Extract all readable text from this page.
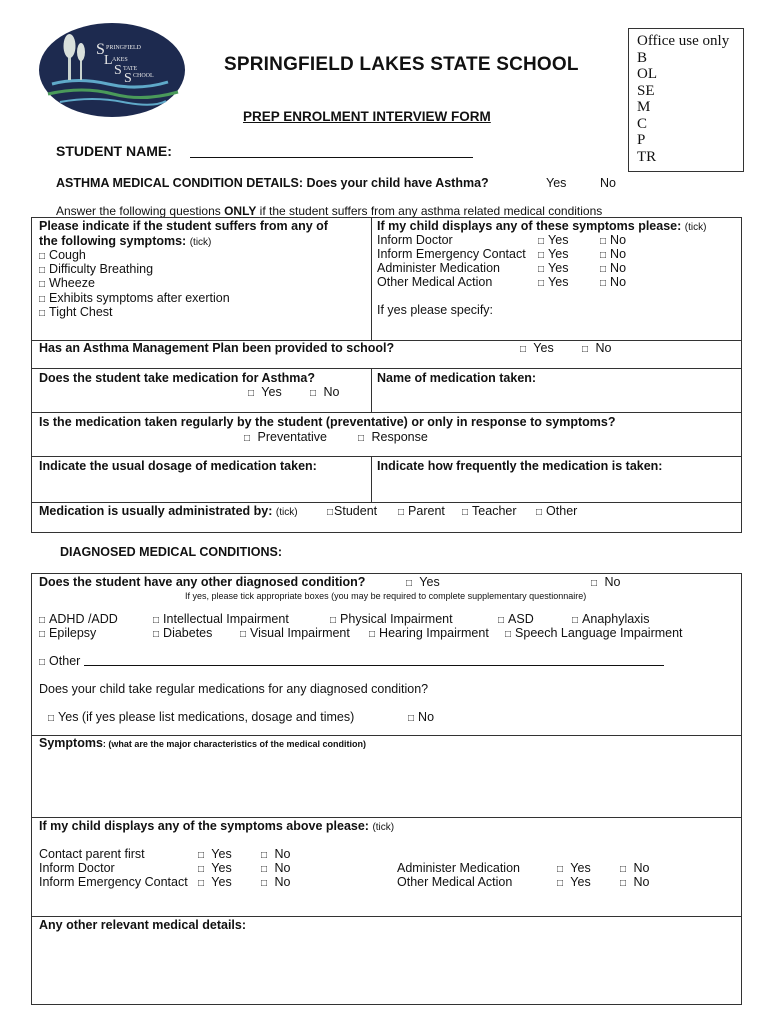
S PRINGFIELD
L AKES
S TATE
S CHOOL
SPRINGFIELD LAKES STATE SCHOOL
PREP ENROLMENT INTERVIEW FORM
Office use only
B
OL
SE
M
C
P
TR
STUDENT NAME:
ASTHMA MEDICAL CONDITION DETAILS: Does your child have Asthma?	Yes	No
Answer the following questions ONLY if the student suffers from any asthma related medical conditions
Please indicate if the student suffers from any of
the following symptoms: (tick)
□ Cough
□ Difficulty Breathing
□ Wheeze
□ Exhibits symptoms after exertion
□ Tight Chest
If my child displays any of these symptoms please: (tick)
Inform Doctor	□ Yes	□ No
Inform Emergency Contact □ Yes	□ No
Administer Medication	□ Yes	□ No
Other Medical Action	□ Yes	□ No
If yes please specify:
Has an Asthma Management Plan been provided to school?	□ Yes	□ No
Does the student take medication for Asthma?
□ Yes	□ No
Name of medication taken:
Is the medication taken regularly by the student (preventative) or only in response to symptoms?
□ Preventative	□ Response
Indicate the usual dosage of medication taken:	Indicate how frequently the medication is taken:
Medication is usually administrated by: (tick)	□Student □ Parent □ Teacher □ Other
DIAGNOSED MEDICAL CONDITIONS:
Does the student have any other diagnosed condition?	□ Yes	□ No
If yes, please tick appropriate boxes (you may be required to complete supplementary questionnaire)
□ ADHD /ADD	□ Intellectual Impairment	□ Physical Impairment	□ ASD	□ Anaphylaxis
□ Epilepsy	□ Diabetes	□ Visual Impairment □ Hearing Impairment □ Speech Language Impairment
□ Other
Does your child take regular medications for any diagnosed condition?
□ Yes (if yes please list medications, dosage and times)	□ No
Symptoms: (what are the major characteristics of the medical condition)
If my child displays any of the symptoms above please: (tick)
Contact parent first	□ Yes	□ No
Inform Doctor	□ Yes	□ No
Inform Emergency Contact □ Yes	□ No
Administer Medication	□ Yes	□ No
Other Medical Action	□ Yes	□ No
Any other relevant medical details:
